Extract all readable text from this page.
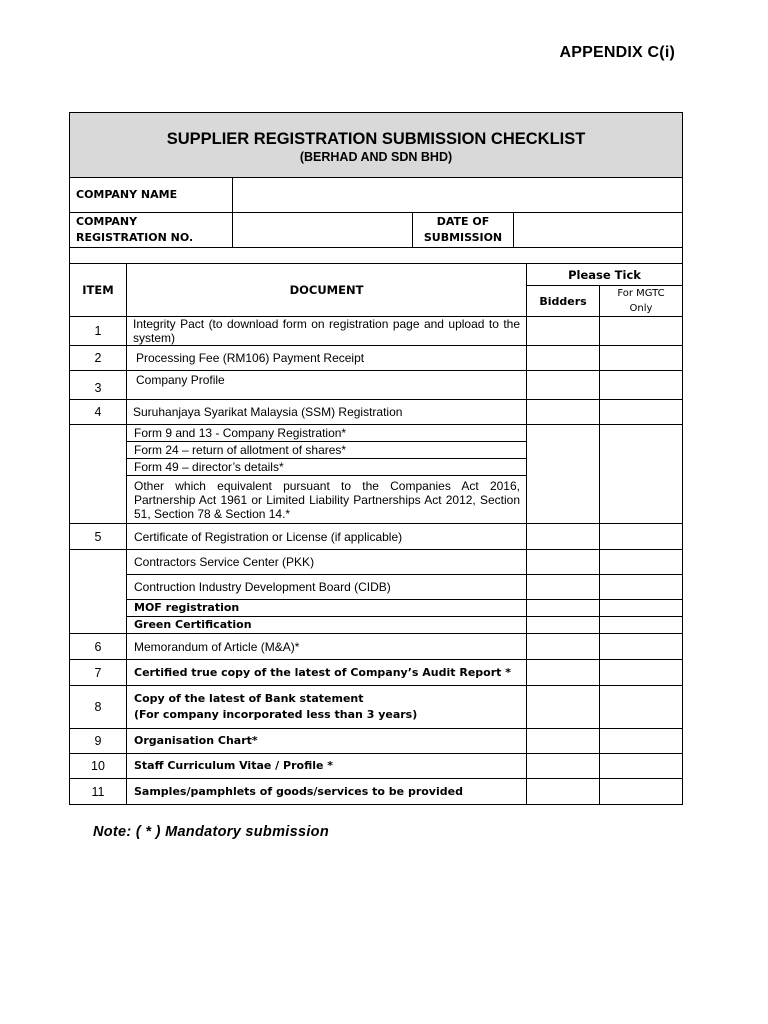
APPENDIX C(i)
SUPPLIER REGISTRATION SUBMISSION CHECKLIST
(BERHAD AND SDN BHD)			

COMPANY NAME			
COMPANY
REGISTRATION NO.		DATE OF
SUBMISSION	

ITEM	DOCUMENT	Please Tick	
		Bidders	For MGTC
Only
1	Integrity Pact (to download form on registration page and upload to the system)		
2	Processing Fee (RM106) Payment Receipt		
3	Company Profile		
4	Suruhanjaya Syarikat Malaysia (SSM) Registration		
	Form 9 and 13 - Company Registration*		
	Form 24 – return of allotment of shares*		
	Form 49 – director’s details*		
	Other which equivalent pursuant to the Companies Act 2016, Partnership Act 1961 or Limited Liability Partnerships Act 2012, Section 51, Section 78 & Section 14.*		
5	Certificate of Registration or License (if applicable)		
	Contractors Service Center (PKK)		
	Contruction Industry Development Board (CIDB)		
	MOF registration		
	Green Certification		
6	Memorandum of Article (M&A)*		
7	Certified true copy of the latest of Company’s Audit Report *		
8	Copy of the latest of Bank statement
(For company incorporated less than 3 years)		
9	Organisation Chart*		
10	Staff Curriculum Vitae / Profile *		
11	Samples/pamphlets of goods/services to be provided		
Note: ( * ) Mandatory submission
